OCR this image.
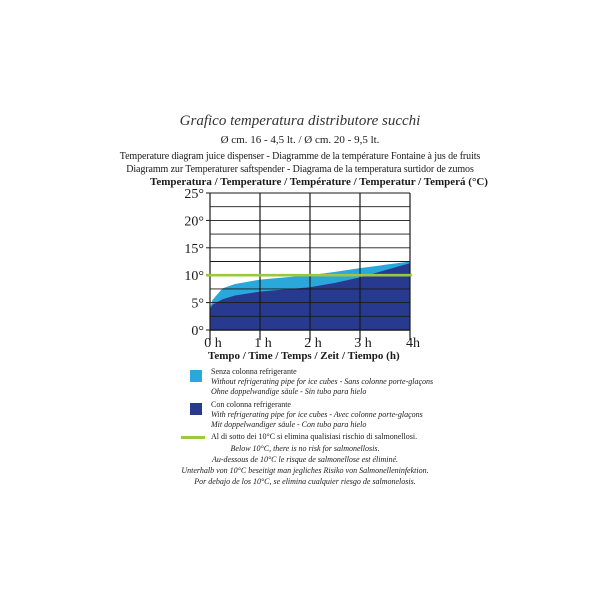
Grafico temperatura distributore succhi
Ø cm. 16 - 4,5 lt. / Ø cm. 20 - 9,5 lt.
Temperature diagram juice dispenser - Diagramme de la température Fontaine à jus de fruits
Diagramm zur Temperaturer saftspender - Diagrama de la temperatura surtidor de zumos
Temperatura / Temperature / Température / Temperatur / Temperá (°C)
0°
5°
10°
15°
20°
25°
0 h 1 h 2 h 3 h 4h
Tempo / Time / Temps / Zeit / Tiempo (h)
Senza colonna refrigerante
Without refrigerating pipe for ice cubes - Sans colonne porte-glaçons
Ohne doppelwandige säule - Sin tubo para hielo
Con colonna refrigerante
With refrigerating pipe for ice cubes - Avec colonne porte-glaçons
Mit doppelwandiger säule - Con tubo para hielo
Al di sotto dei 10°C si elimina qualisiasi rischio di salmonellosi.
Below 10°C, there is no risk for salmonellosis.
Au-dessous de 10°C le risque de salmonellose est éliminé.
Unterhalb von 10°C beseitigt man jegliches Risiko von Salmonelleninfektion.
Por debajo de los 10°C, se elimina cualquier riesgo de salmonelosis.
